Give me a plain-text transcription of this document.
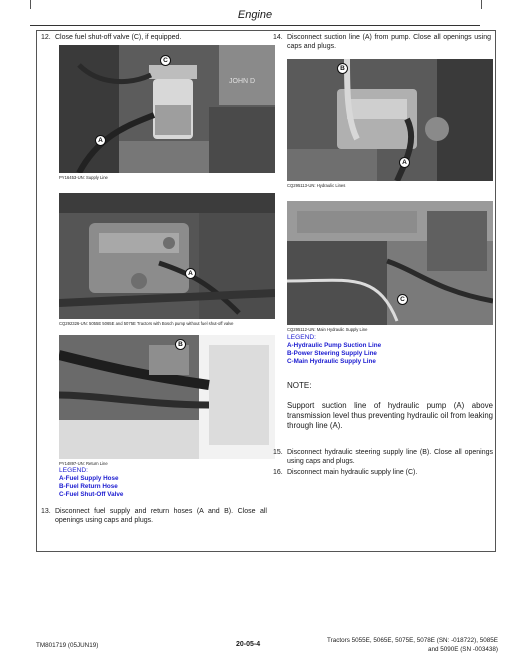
Engine
12. Close fuel shut-off valve (C), if equipped.
JOHN D
C
A
PY16453-UN: Supply Line
A
CQ292326-UN: 5055E 5065E and 5075E Tractors with Bosch pump without fuel shut-off valve
B
PY14897-UN: Return Line
LEGEND:
A-Fuel Supply Hose
B-Fuel Return Hose
C-Fuel Shut-Off Valve
13. Disconnect fuel supply and return hoses (A and B). Close all openings using caps and plugs.
14. Disconnect suction line (A) from pump. Close all openings using caps and plugs.
B
A
CQ295113-UN: Hydraulic Lines
C
CQ295112-UN: Main Hydraulic Supply Line
LEGEND:
A-Hydraulic Pump Suction Line
B-Power Steering Supply Line
C-Main Hydraulic Supply Line
NOTE:
Support suction line of hydraulic pump (A) above transmission level thus preventing hydraulic oil from leaking through line (A).
15. Disconnect hydraulic steering supply line (B). Close all openings using caps and plugs.
16. Disconnect main hydraulic supply line (C).
TM801719 (05JUN19)	20-05-4
Tractors 5055E, 5065E, 5075E, 5078E (SN: -018722), 5085E
and 5090E (SN -003438)
